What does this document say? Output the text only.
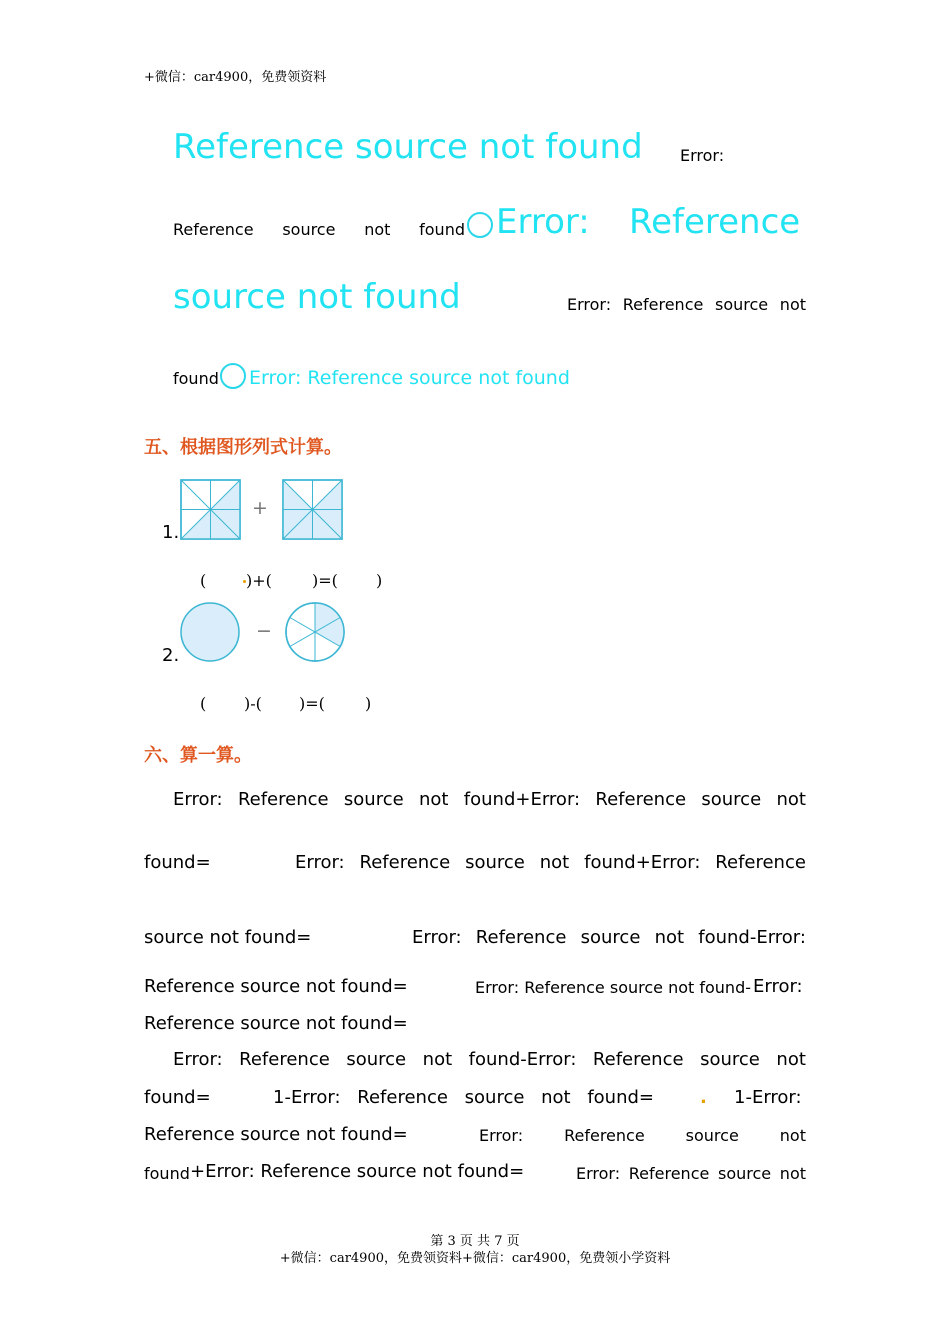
+微信：car4900，免费领资料
Reference source not found Error:
Reference source not found Error: Reference
source not found	Error: Reference source not
found Error: Reference source not found
五、根据图形列式计算。
1.
+
( )+(	)=( )
2.
−
( )-( )=(	)
六、算一算。
Error: Reference source not found+Error: Reference source not
found=	Error: Reference source not found+Error: Reference
source not found=	Error: Reference source not found-Error:
Reference source not found=	Error: Reference source not found- Error:
Reference source not found=
Error: Reference source not found-Error: Reference source not
found=	1-Error: Reference source not found=	. 1-Error:
Reference source not found=	Error:	Reference	source	not
found +Error: Reference source not found=	Error: Reference source not
第 3 页 共 7 页
+微信：car4900，免费领资料+微信：car4900，免费领小学资料
